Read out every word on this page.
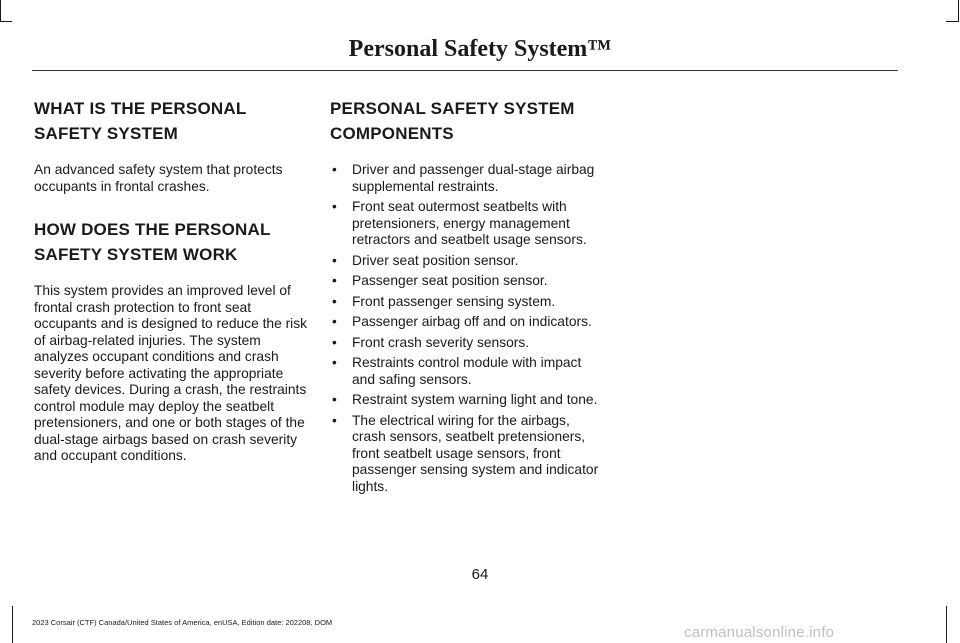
Personal Safety System™
WHAT IS THE PERSONAL SAFETY SYSTEM

An advanced safety system that protects occupants in frontal crashes.

HOW DOES THE PERSONAL SAFETY SYSTEM WORK

This system provides an improved level of frontal crash protection to front seat occupants and is designed to reduce the risk of airbag-related injuries. The system analyzes occupant conditions and crash severity before activating the appropriate safety devices. During a crash, the restraints control module may deploy the seatbelt pretensioners, and one or both stages of the dual-stage airbags based on crash severity and occupant conditions.

PERSONAL SAFETY SYSTEM COMPONENTS
• Driver and passenger dual-stage airbag supplemental restraints.
• Front seat outermost seatbelts with pretensioners, energy management retractors and seatbelt usage sensors.
• Driver seat position sensor.
• Passenger seat position sensor.
• Front passenger sensing system.
• Passenger airbag off and on indicators.
• Front crash severity sensors.
• Restraints control module with impact and safing sensors.
• Restraint system warning light and tone.
• The electrical wiring for the airbags, crash sensors, seatbelt pretensioners, front seatbelt usage sensors, front passenger sensing system and indicator lights.
64
2023 Corsair (CTF) Canada/United States of America, enUSA, Edition date: 202208, DOM
carmanualsonline.info
